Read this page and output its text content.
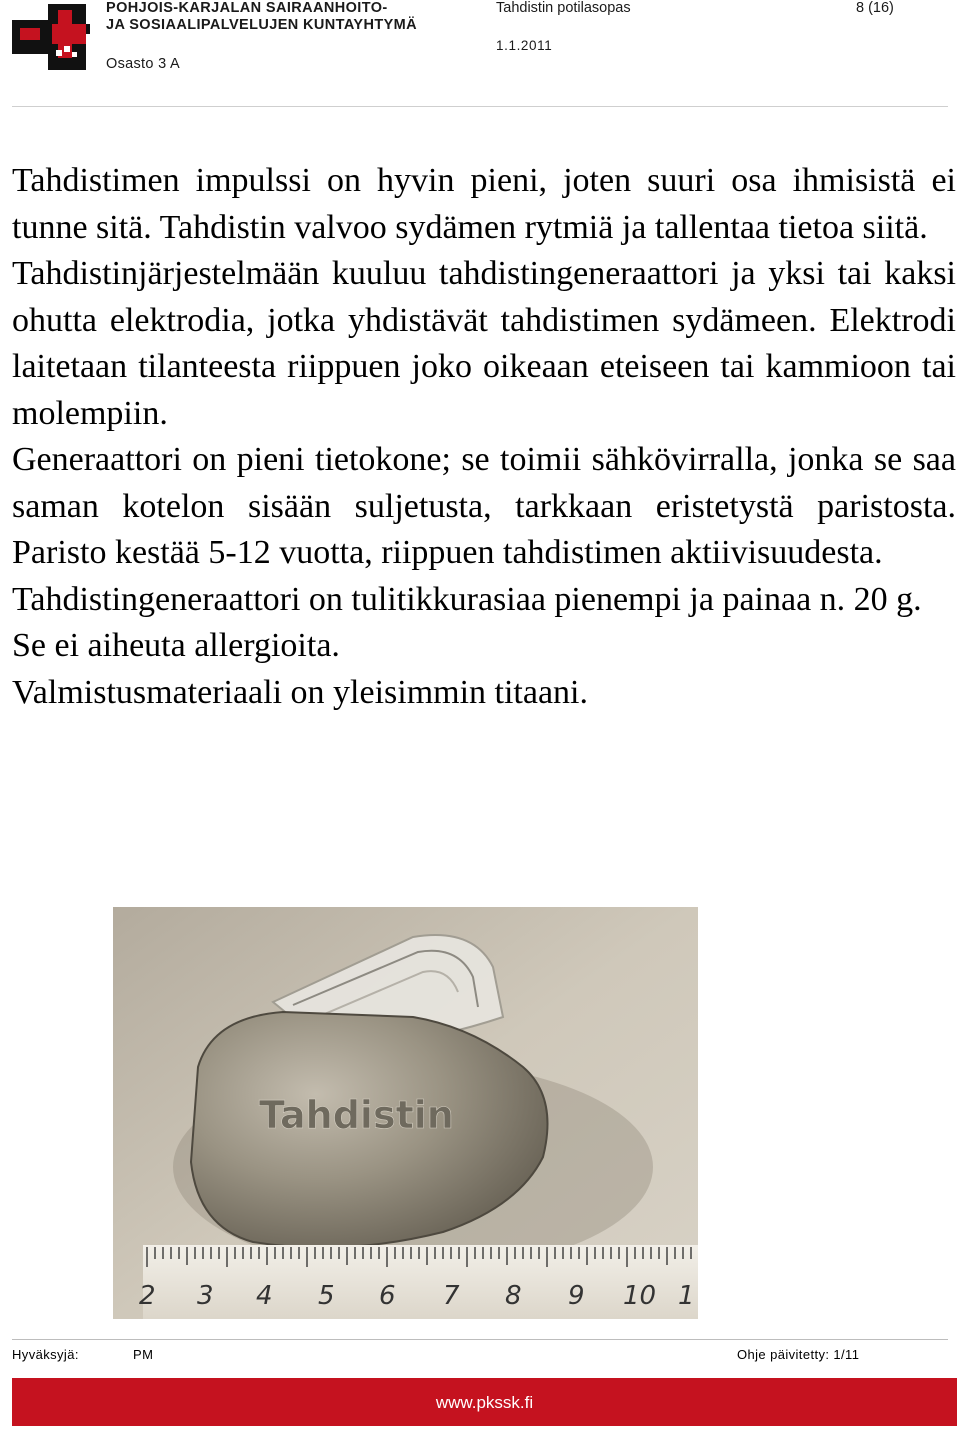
POHJOIS-KARJALAN SAIRAANHOITO-
JA SOSIAALIPALVELUJEN KUNTAYHTYMÄ
Osasto 3 A
Tahdistin potilasopas
1.1.2011
8 (16)

Tahdistimen impulssi on hyvin pieni, joten suuri osa ihmisistä ei tunne sitä. Tahdistin valvoo sydämen rytmiä ja tallentaa tietoa siitä.

Tahdistinjärjestelmään kuuluu tahdistingeneraattori ja yksi tai kaksi ohutta elektrodia, jotka yhdistävät tahdistimen sydämeen. Elektrodi laitetaan tilanteesta riippuen joko oikeaan eteiseen tai kammioon tai molempiin.

Generaattori on pieni tietokone; se toimii sähkövirralla, jonka se saa saman kotelon sisään suljetusta, tarkkaan eristetystä paristosta. Paristo kestää 5-12 vuotta, riippuen tahdistimen aktiivisuudesta.

Tahdistingeneraattori on tulitikkurasiaa pienempi ja painaa n. 20 g. Se ei aiheuta allergioita.

Valmistusmateriaali on yleisimmin titaani.

Tahdistin
2 3 4 5 6 7 8 9 10 1
Hyväksyjä:	PM	Ohje päivitetty: 1/11
www.pkssk.fi
